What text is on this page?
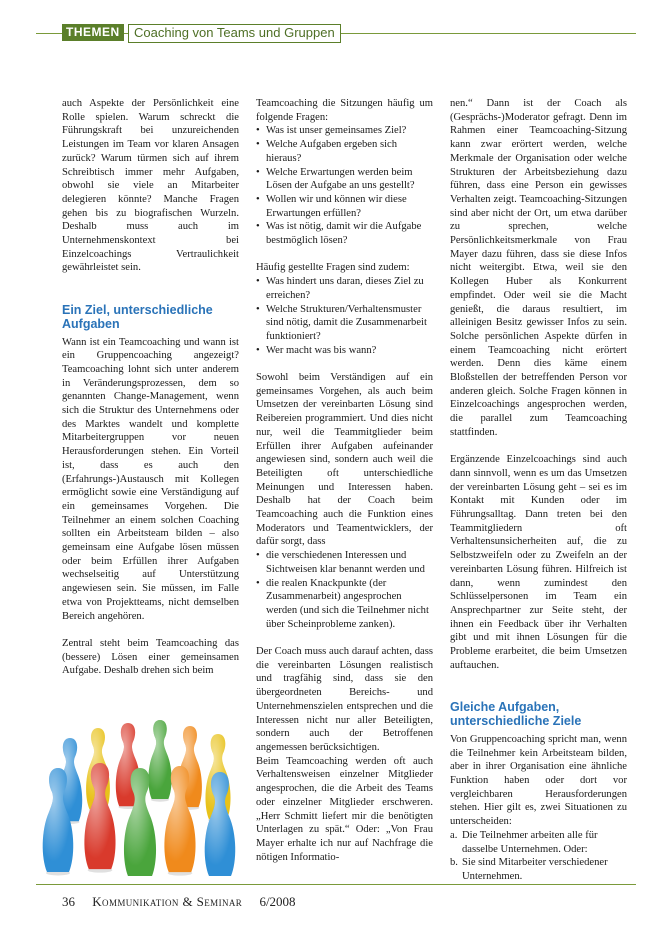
THEMEN	Coaching von Teams und Gruppen

auch Aspekte der Persönlichkeit eine Rolle spielen. Warum schreckt die Führungskraft bei unzureichenden Leistungen im Team vor klaren Ansagen zurück? Warum türmen sich auf ihrem Schreibtisch immer mehr Aufgaben, obwohl sie viele an Mitarbeiter delegieren könnte? Manche Fragen gehen bis zu biografischen Wurzeln. Deshalb muss auch im Unternehmenskontext bei Einzelcoachings Vertraulichkeit gewährleistet sein.

Ein Ziel, unterschiedliche Aufgaben

Wann ist ein Teamcoaching und wann ist ein Gruppencoaching angezeigt? Teamcoaching lohnt sich unter anderem in Veränderungsprozessen, dem so genannten Change-Management, wenn sich die Struktur des Unternehmens oder des Marktes wandelt und komplette Mitarbeitergruppen vor neuen Herausforderungen stehen. Ein Vorteil ist, dass es auch den (Erfahrungs-)Austausch mit Kollegen ermöglicht sowie eine Verständigung auf ein gemeinsames Vorgehen. Die Teilnehmer an einem solchen Coaching sollten ein Arbeitsteam bilden – also gemeinsam eine Aufgabe lösen müssen oder beim Erfüllen ihrer Aufgaben wechselseitig auf Unterstützung angewiesen sein. Sie müssen, im Falle etwa von Projektteams, nicht demselben Bereich angehören.

Zentral steht beim Teamcoaching das (bessere) Lösen einer gemeinsamen Aufgabe. Deshalb drehen sich beim

Teamcoaching die Sitzungen häufig um folgende Fragen:

• Was ist unser gemeinsames Ziel?
• Welche Aufgaben ergeben sich hieraus?
• Welche Erwartungen werden beim Lösen der Aufgabe an uns gestellt?
• Wollen wir und können wir diese Erwartungen erfüllen?
• Was ist nötig, damit wir die Aufgabe bestmöglich lösen?

Häufig gestellte Fragen sind zudem:

• Was hindert uns daran, dieses Ziel zu erreichen?
• Welche Strukturen/Verhaltensmuster sind nötig, damit die Zusammenarbeit funktioniert?
• Wer macht was bis wann?

Sowohl beim Verständigen auf ein gemeinsames Vorgehen, als auch beim Umsetzen der vereinbarten Lösung sind Reibereien programmiert. Und dies nicht nur, weil die Teammitglieder beim Erfüllen ihrer Aufgaben aufeinander angewiesen sind, sondern auch weil die Beteiligten oft unterschiedliche Meinungen und Interessen haben. Deshalb hat der Coach beim Teamcoaching auch die Funktion eines Moderators und Teamentwicklers, der dafür sorgt, dass

• die verschiedenen Interessen und Sichtweisen klar benannt werden und
• die realen Knackpunkte (der Zusammenarbeit) angesprochen werden (und sich die Teilnehmer nicht über Scheinprobleme zanken).

Der Coach muss auch darauf achten, dass die vereinbarten Lösungen realistisch und tragfähig sind, dass sie den übergeordneten Bereichs- und Unternehmenszielen entsprechen und die Interessen nicht nur aller Beteiligten, sondern auch der Betroffenen angemessen berücksichtigen.

Beim Teamcoaching werden oft auch Verhaltensweisen einzelner Mitglieder angesprochen, die die Arbeit des Teams oder einzelner Mitglieder erschweren. „Herr Schmitt liefert mir die benötigten Unterlagen zu spät.“ Oder: „Von Frau Mayer erhalte ich nur auf Nachfrage die nötigen Informatio-

nen.“ Dann ist der Coach als (Gesprächs-)Moderator gefragt. Denn im Rahmen einer Teamcoaching-Sitzung kann zwar erörtert werden, welche Merkmale der Organisation oder welche Strukturen der Arbeitsbeziehung dazu führen, dass eine Person ein gewisses Verhalten zeigt. Teamcoaching-Sitzungen sind aber nicht der Ort, um etwa darüber zu sprechen, welche Persönlichkeitsmerkmale von Frau Mayer dazu führen, dass sie diese Infos nicht weitergibt. Etwa, weil sie den Kollegen Huber als Konkurrent empfindet. Oder weil sie die Macht genießt, die daraus resultiert, im alleinigen Besitz gewisser Infos zu sein. Solche persönlichen Aspekte dürfen in einem Teamcoaching nicht erörtert werden. Denn dies käme einem Bloßstellen der betreffenden Person vor anderen gleich. Solche Fragen können in Einzelcoachings angesprochen werden, die parallel zum Teamcoaching stattfinden.

Ergänzende Einzelcoachings sind auch dann sinnvoll, wenn es um das Umsetzen der vereinbarten Lösung geht – sei es im Kontakt mit Kunden oder im Führungsalltag. Dann treten bei den Teammitgliedern oft Verhaltensunsicherheiten auf, die zu Selbstzweifeln oder zu Zweifeln an der vereinbarten Lösung führen. Hilfreich ist dann, wenn zumindest den Schlüsselpersonen im Team ein Ansprechpartner zur Seite steht, der ihnen ein Feedback über ihr Verhalten gibt und mit ihnen Lösungen für die Probleme erarbeitet, die beim Umsetzen auftauchen.

Gleiche Aufgaben, unterschiedliche Ziele

Von Gruppencoaching spricht man, wenn die Teilnehmer kein Arbeitsteam bilden, aber in ihrer Organisation eine ähnliche Funktion haben oder dort vor vergleichbaren Herausforderungen stehen. Hier gilt es, zwei Situationen zu unterscheiden:

a. Die Teilnehmer arbeiten alle für dasselbe Unternehmen. Oder:
b. Sie sind Mitarbeiter verschiedener Unternehmen.
36 Kommunikation & Seminar 6/2008
